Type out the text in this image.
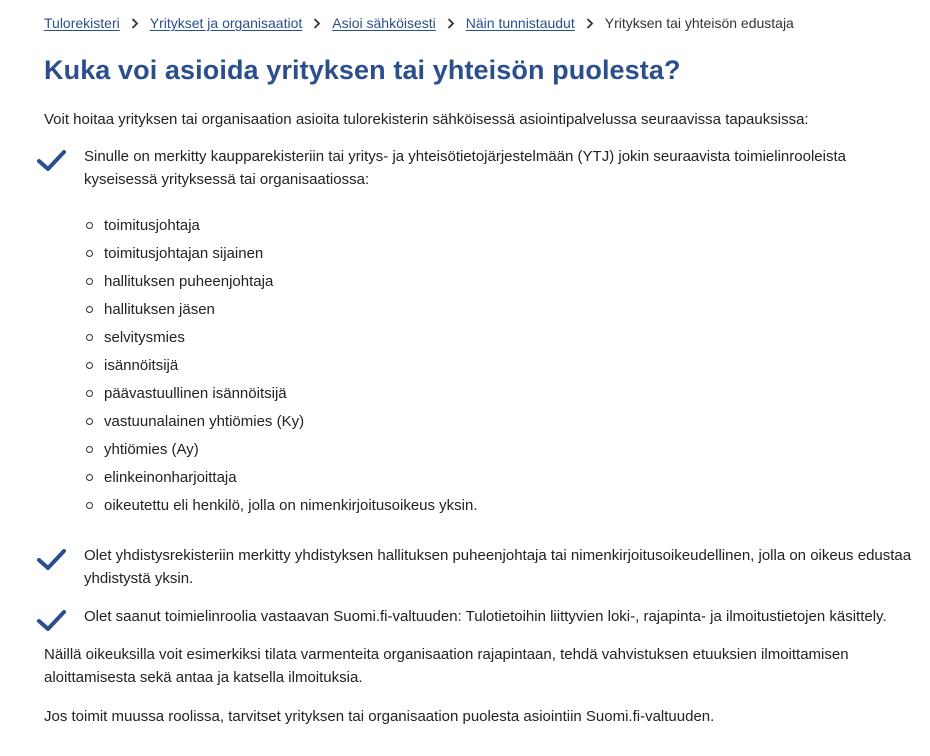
Tulorekisteri Yritykset ja organisaatiot Asioi sähköisesti Näin tunnistaudut Yrityksen tai yhteisön edustaja
Kuka voi asioida yrityksen tai yhteisön puolesta?

Voit hoitaa yrityksen tai organisaation asioita tulorekisterin sähköisessä asiointipalvelussa seuraavissa tapauksissa:

Sinulle on merkitty kaupparekisteriin tai yritys- ja yhteisötietojärjestelmään (YTJ) jokin seuraavista toimielinrooleista kyseisessä yrityksessä tai organisaatiossa:
toimitusjohtaja
toimitusjohtajan sijainen
hallituksen puheenjohtaja
hallituksen jäsen
selvitysmies
isännöitsijä
päävastuullinen isännöitsijä
vastuunalainen yhtiömies (Ky)
yhtiömies (Ay)
elinkeinonharjoittaja
oikeutettu eli henkilö, jolla on nimenkirjoitusoikeus yksin.
Olet yhdistysrekisteriin merkitty yhdistyksen hallituksen puheenjohtaja tai nimenkirjoitusoikeudellinen, jolla on oikeus edustaa yhdistystä yksin.
Olet saanut toimielinroolia vastaavan Suomi.fi-valtuuden: Tulotietoihin liittyvien loki-, rajapinta- ja ilmoitustietojen käsittely.

Näillä oikeuksilla voit esimerkiksi tilata varmenteita organisaation rajapintaan, tehdä vahvistuksen etuuksien ilmoittamisen aloittamisesta sekä antaa ja katsella ilmoituksia.

Jos toimit muussa roolissa, tarvitset yrityksen tai organisaation puolesta asiointiin Suomi.fi-valtuuden.
